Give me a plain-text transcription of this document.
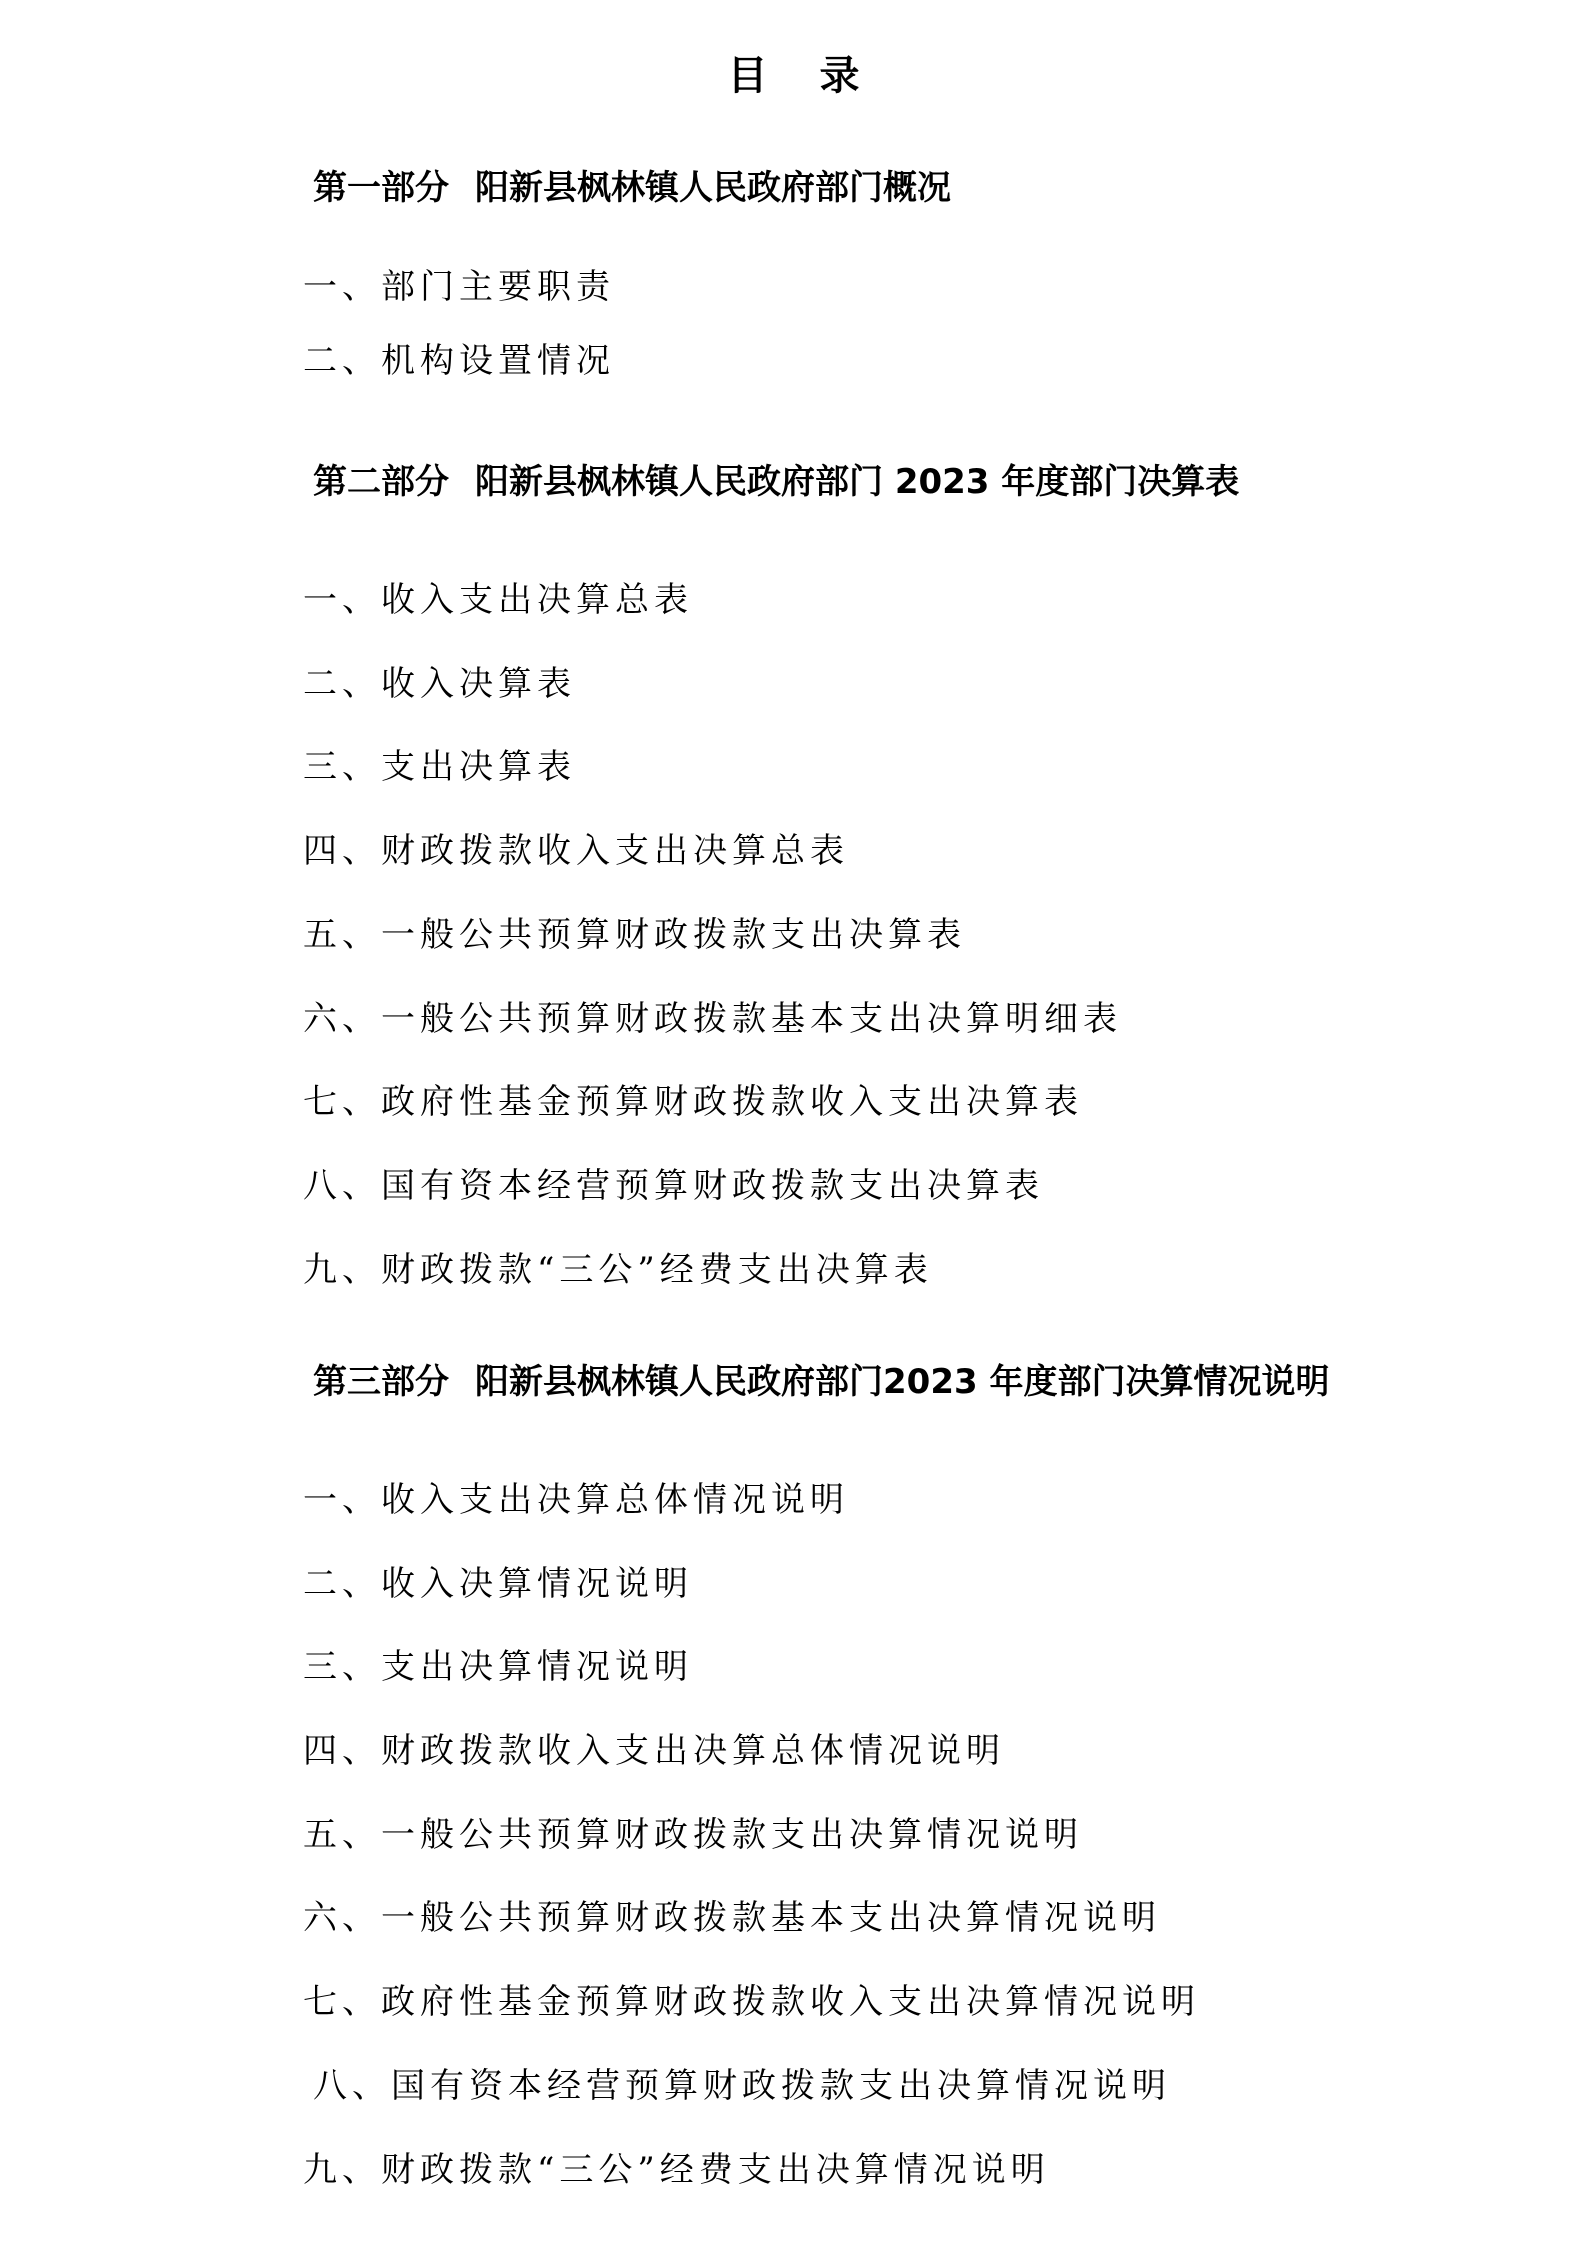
目录
第一部分 阳新县枫林镇人民政府部门概况
一、部门主要职责
二、机构设置情况
第二部分 阳新县枫林镇人民政府部门 2023 年度部门决算表
一、收入支出决算总表
二、收入决算表
三、支出决算表
四、财政拨款收入支出决算总表
五、一般公共预算财政拨款支出决算表
六、一般公共预算财政拨款基本支出决算明细表
七、政府性基金预算财政拨款收入支出决算表
八、国有资本经营预算财政拨款支出决算表
九、财政拨款“三公”经费支出决算表
第三部分 阳新县枫林镇人民政府部门2023 年度部门决算情况说明
一、收入支出决算总体情况说明
二、收入决算情况说明
三、支出决算情况说明
四、财政拨款收入支出决算总体情况说明
五、一般公共预算财政拨款支出决算情况说明
六、一般公共预算财政拨款基本支出决算情况说明
七、政府性基金预算财政拨款收入支出决算情况说明
八、国有资本经营预算财政拨款支出决算情况说明
九、财政拨款“三公”经费支出决算情况说明
